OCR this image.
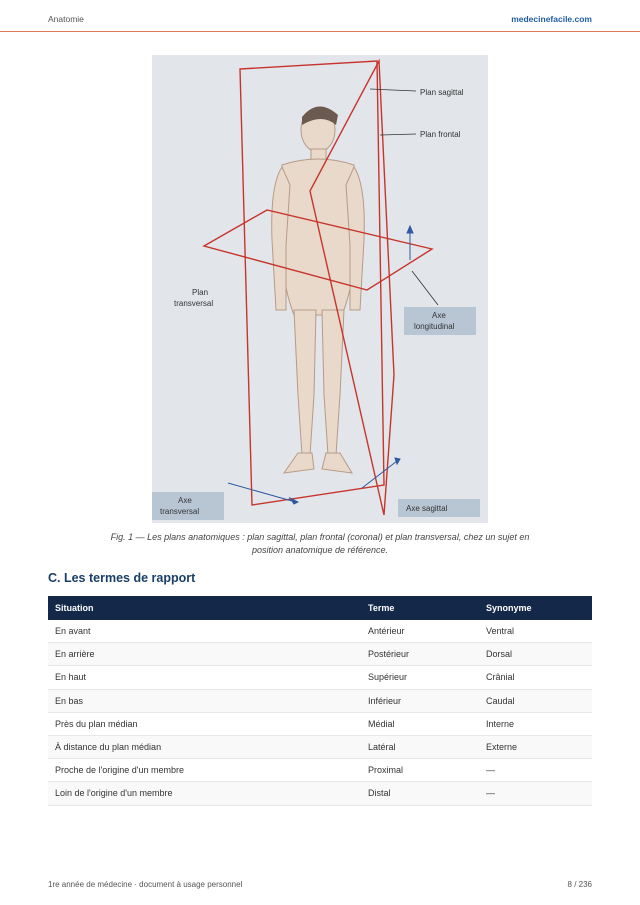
Anatomie	medecinefacile.com
Plan sagittal
Plan frontal
Plan
transversal
Axe
longitudinal
Axe
transversal	Axe sagittal
Fig. 1 — Les plans anatomiques : plan sagittal, plan frontal (coronal) et plan transversal, chez un sujet en
position anatomique de référence.
C. Les termes de rapport
Situation	Terme	Synonyme
En avant	Antérieur	Ventral
En arrière	Postérieur	Dorsal
En haut	Supérieur	Crânial
En bas	Inférieur	Caudal
Près du plan médian	Médial	Interne
À distance du plan médian	Latéral	Externe
Proche de l'origine d'un membre	Proximal	—
Loin de l'origine d'un membre	Distal	—
1re année de médecine · document à usage personnel	8 / 236
